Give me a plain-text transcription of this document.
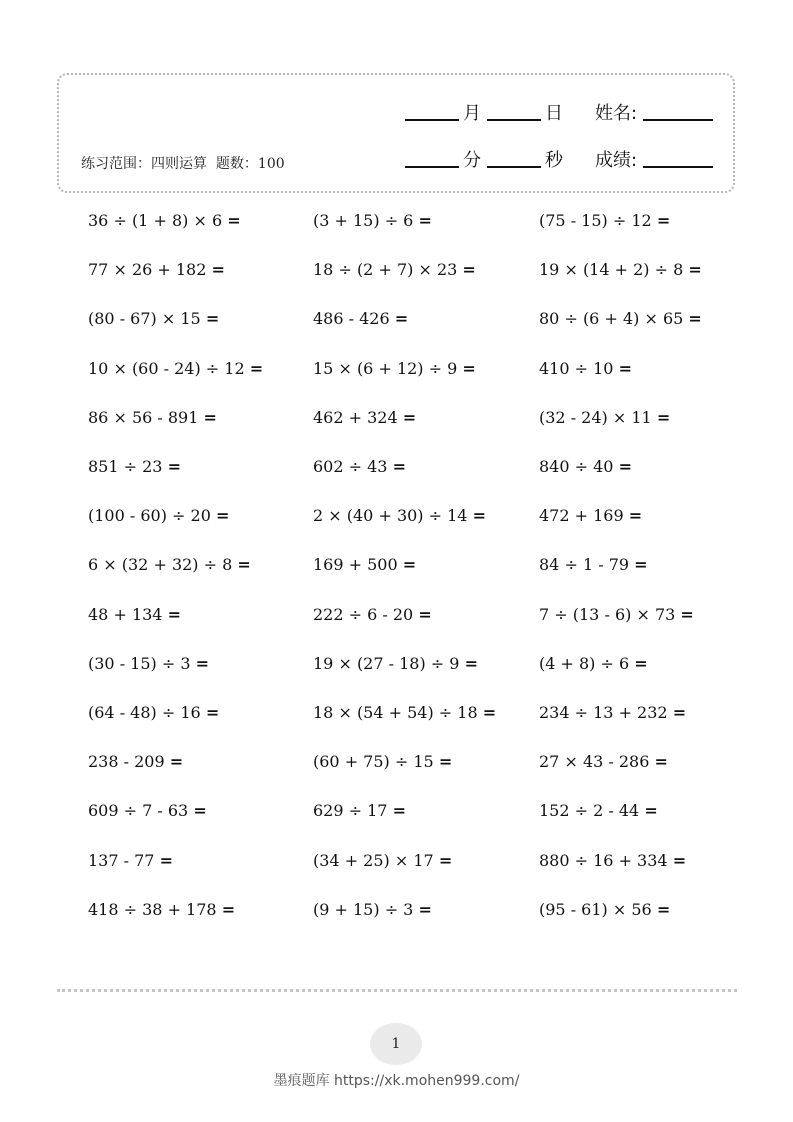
练习范围：四则运算 题数：100
月	日 姓名:
分	秒 成绩:
36 ÷ (1 + 8) × 6 =	(3 + 15) ÷ 6 =	(75 - 15) ÷ 12 =
77 × 26 + 182 =	18 ÷ (2 + 7) × 23 =	19 × (14 + 2) ÷ 8 =
(80 - 67) × 15 =	486 - 426 =	80 ÷ (6 + 4) × 65 =
10 × (60 - 24) ÷ 12 =	15 × (6 + 12) ÷ 9 =	410 ÷ 10 =
86 × 56 - 891 =	462 + 324 =	(32 - 24) × 11 =
851 ÷ 23 =	602 ÷ 43 =	840 ÷ 40 =
(100 - 60) ÷ 20 =	2 × (40 + 30) ÷ 14 =	472 + 169 =
6 × (32 + 32) ÷ 8 =	169 + 500 =	84 ÷ 1 - 79 =
48 + 134 =	222 ÷ 6 - 20 =	7 ÷ (13 - 6) × 73 =
(30 - 15) ÷ 3 =	19 × (27 - 18) ÷ 9 =	(4 + 8) ÷ 6 =
(64 - 48) ÷ 16 =	18 × (54 + 54) ÷ 18 =	234 ÷ 13 + 232 =
238 - 209 =	(60 + 75) ÷ 15 =	27 × 43 - 286 =
609 ÷ 7 - 63 =	629 ÷ 17 =	152 ÷ 2 - 44 =
137 - 77 =	(34 + 25) × 17 =	880 ÷ 16 + 334 =
418 ÷ 38 + 178 =	(9 + 15) ÷ 3 =	(95 - 61) × 56 =
1
墨痕题库 https://xk.mohen999.com/
